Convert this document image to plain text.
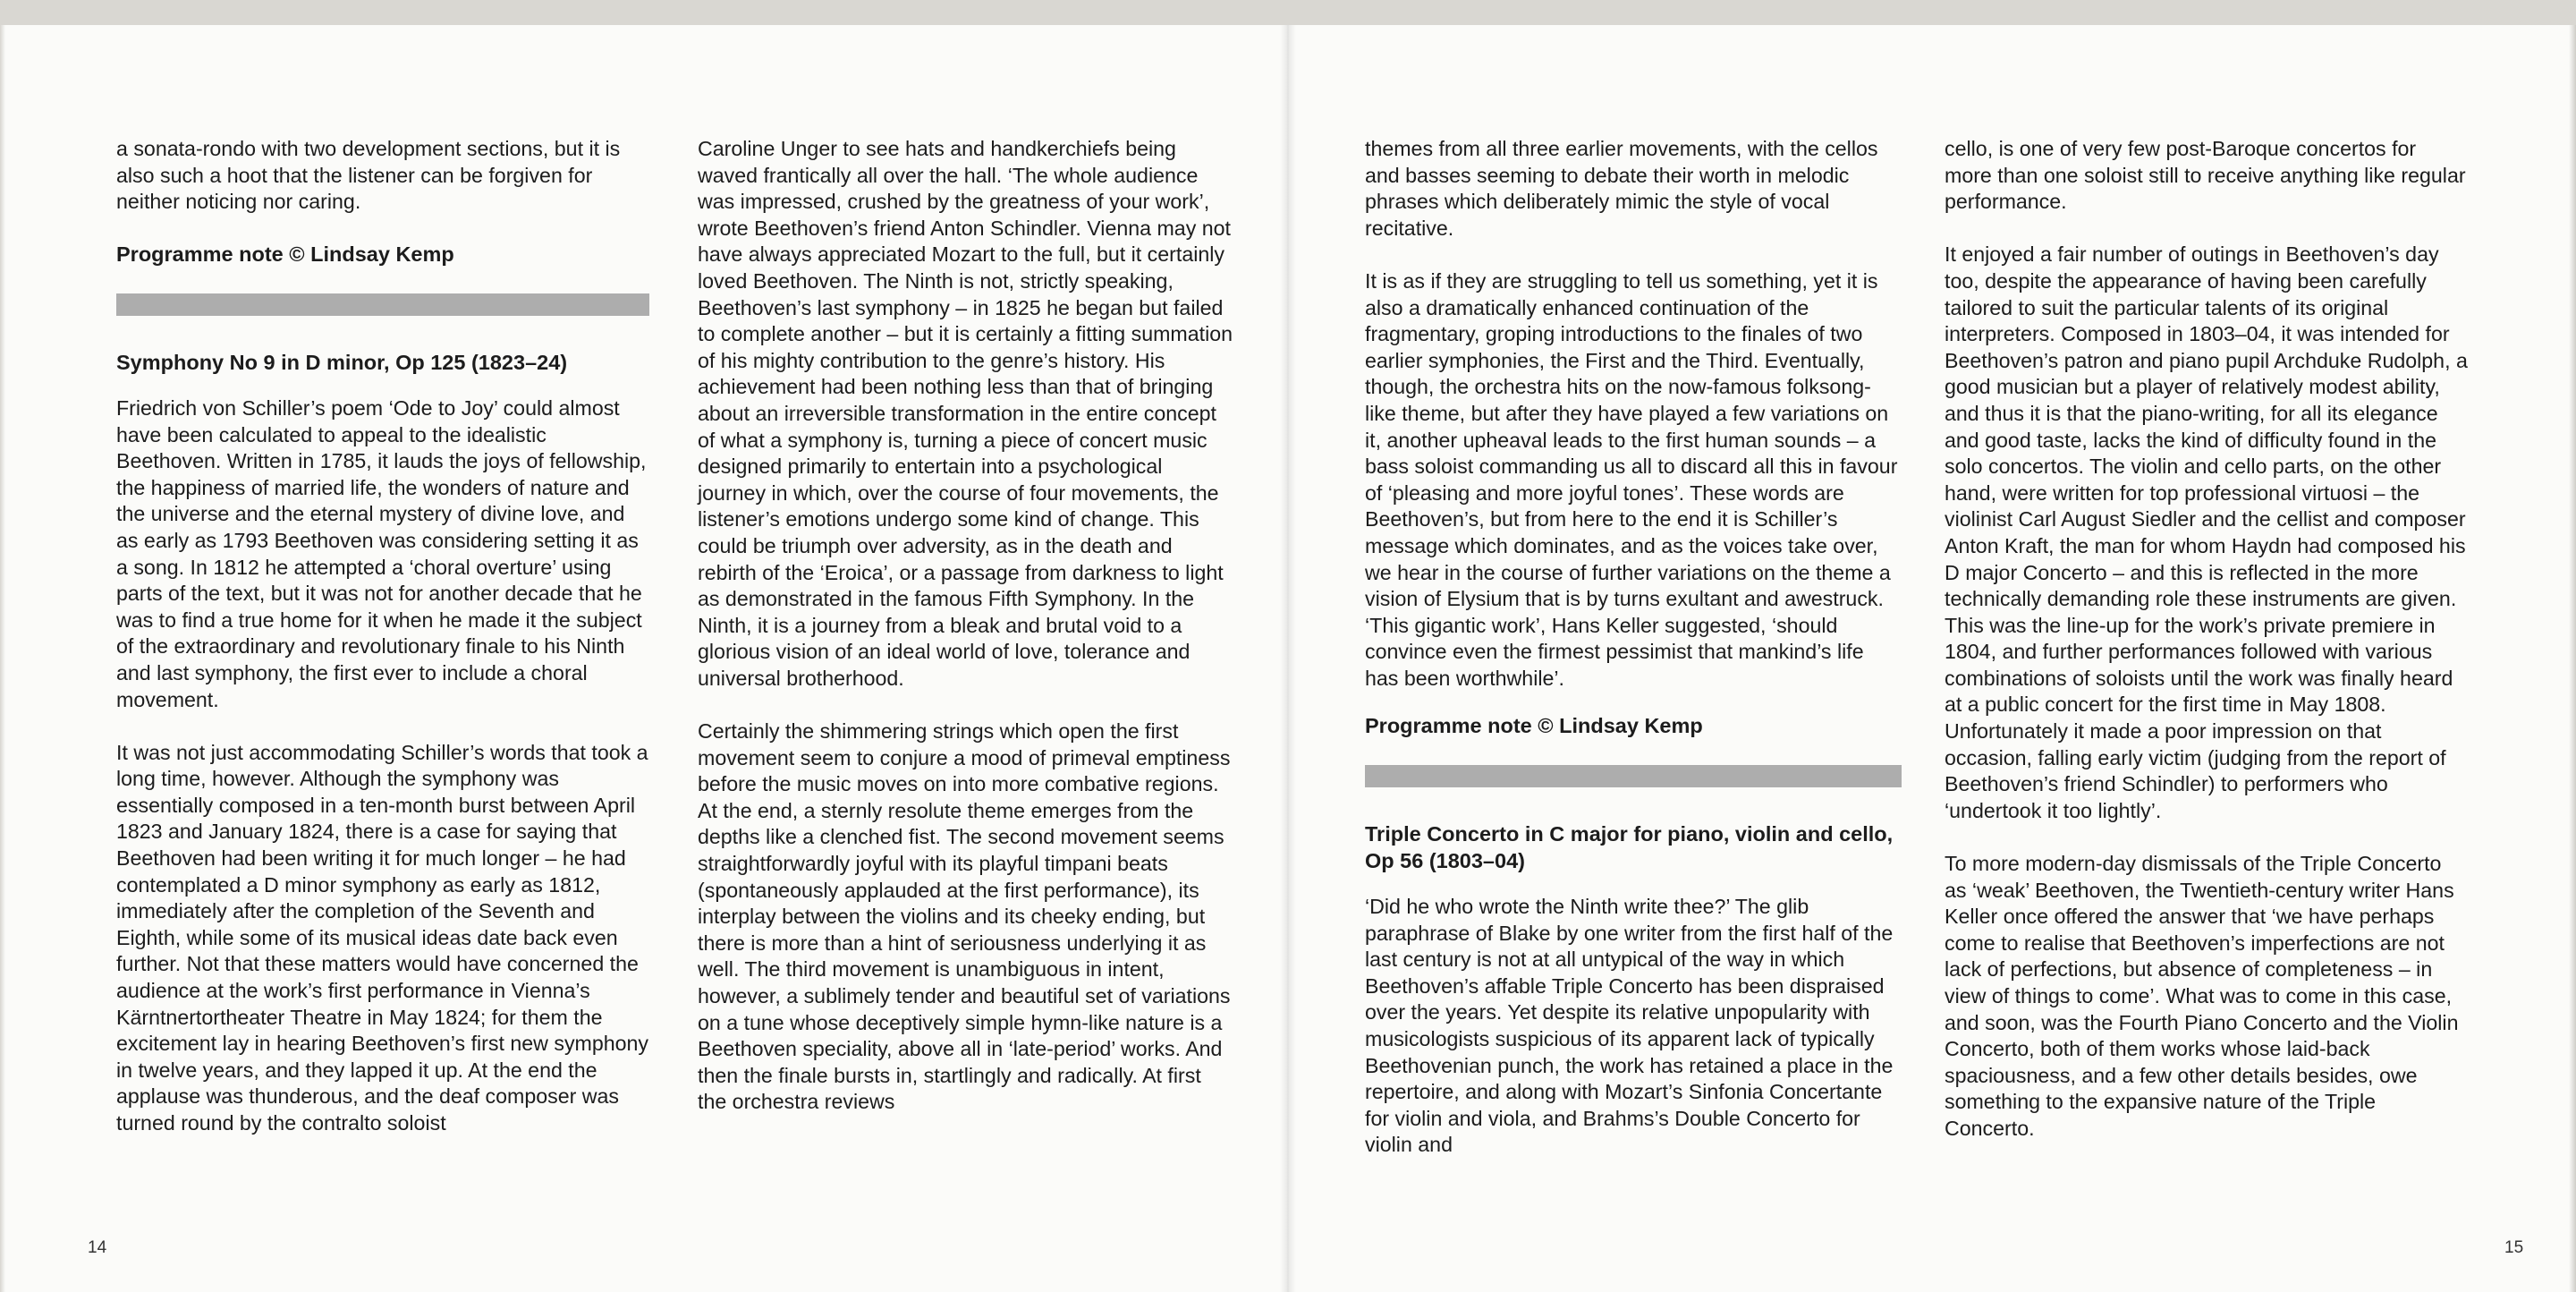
a sonata-rondo with two development sections, but it is also such a hoot that the listener can be forgiven for neither noticing nor caring.

Programme note © Lindsay Kemp
Symphony No 9 in D minor, Op 125 (1823–24)

Friedrich von Schiller’s poem ‘Ode to Joy’ could almost have been calculated to appeal to the idealistic Beethoven. Written in 1785, it lauds the joys of fellowship, the happiness of married life, the wonders of nature and the universe and the eternal mystery of divine love, and as early as 1793 Beethoven was considering setting it as a song. In 1812 he attempted a ‘choral overture’ using parts of the text, but it was not for another decade that he was to find a true home for it when he made it the subject of the extraordinary and revolutionary finale to his Ninth and last symphony, the first ever to include a choral movement.

It was not just accommodating Schiller’s words that took a long time, however. Although the symphony was essentially composed in a ten-month burst between April 1823 and January 1824, there is a case for saying that Beethoven had been writing it for much longer – he had contemplated a D minor symphony as early as 1812, immediately after the completion of the Seventh and Eighth, while some of its musical ideas date back even further. Not that these matters would have concerned the audience at the work’s first performance in Vienna’s Kärntnertortheater Theatre in May 1824; for them the excitement lay in hearing Beethoven’s first new symphony in twelve years, and they lapped it up. At the end the applause was thunderous, and the deaf composer was turned round by the contralto soloist

Caroline Unger to see hats and handkerchiefs being waved frantically all over the hall. ‘The whole audience was impressed, crushed by the greatness of your work’, wrote Beethoven’s friend Anton Schindler. Vienna may not have always appreciated Mozart to the full, but it certainly loved Beethoven. The Ninth is not, strictly speaking, Beethoven’s last symphony – in 1825 he began but failed to complete another – but it is certainly a fitting summation of his mighty contribution to the genre’s history. His achievement had been nothing less than that of bringing about an irreversible transformation in the entire concept of what a symphony is, turning a piece of concert music designed primarily to entertain into a psychological journey in which, over the course of four movements, the listener’s emotions undergo some kind of change. This could be triumph over adversity, as in the death and rebirth of the ‘Eroica’, or a passage from darkness to light as demonstrated in the famous Fifth Symphony. In the Ninth, it is a journey from a bleak and brutal void to a glorious vision of an ideal world of love, tolerance and universal brotherhood.

Certainly the shimmering strings which open the first movement seem to conjure a mood of primeval emptiness before the music moves on into more combative regions. At the end, a sternly resolute theme emerges from the depths like a clenched fist. The second movement seems straightforwardly joyful with its playful timpani beats (spontaneously applauded at the first performance), its interplay between the violins and its cheeky ending, but there is more than a hint of seriousness underlying it as well. The third movement is unambiguous in intent, however, a sublimely tender and beautiful set of variations on a tune whose deceptively simple hymn-like nature is a Beethoven speciality, above all in ‘late-period’ works. And then the finale bursts in, startlingly and radically. At first the orchestra reviews

14

themes from all three earlier movements, with the cellos and basses seeming to debate their worth in melodic phrases which deliberately mimic the style of vocal recitative.

It is as if they are struggling to tell us something, yet it is also a dramatically enhanced continuation of the fragmentary, groping introductions to the finales of two earlier symphonies, the First and the Third. Eventually, though, the orchestra hits on the now-famous folksong-like theme, but after they have played a few variations on it, another upheaval leads to the first human sounds – a bass soloist commanding us all to discard all this in favour of ‘pleasing and more joyful tones’. These words are Beethoven’s, but from here to the end it is Schiller’s message which dominates, and as the voices take over, we hear in the course of further variations on the theme a vision of Elysium that is by turns exultant and awestruck. ‘This gigantic work’, Hans Keller suggested, ‘should convince even the firmest pessimist that mankind’s life has been worthwhile’.

Programme note © Lindsay Kemp
Triple Concerto in C major for piano, violin and cello, Op 56 (1803–04)

‘Did he who wrote the Ninth write thee?’ The glib paraphrase of Blake by one writer from the first half of the last century is not at all untypical of the way in which Beethoven’s affable Triple Concerto has been dispraised over the years. Yet despite its relative unpopularity with musicologists suspicious of its apparent lack of typically Beethovenian punch, the work has retained a place in the repertoire, and along with Mozart’s Sinfonia Concertante for violin and viola, and Brahms’s Double Concerto for violin and

cello, is one of very few post-Baroque concertos for more than one soloist still to receive anything like regular performance.

It enjoyed a fair number of outings in Beethoven’s day too, despite the appearance of having been carefully tailored to suit the particular talents of its original interpreters. Composed in 1803–04, it was intended for Beethoven’s patron and piano pupil Archduke Rudolph, a good musician but a player of relatively modest ability, and thus it is that the piano-writing, for all its elegance and good taste, lacks the kind of difficulty found in the solo concertos. The violin and cello parts, on the other hand, were written for top professional virtuosi – the violinist Carl August Siedler and the cellist and composer Anton Kraft, the man for whom Haydn had composed his D major Concerto – and this is reflected in the more technically demanding role these instruments are given. This was the line-up for the work’s private premiere in 1804, and further performances followed with various combinations of soloists until the work was finally heard at a public concert for the first time in May 1808. Unfortunately it made a poor impression on that occasion, falling early victim (judging from the report of Beethoven’s friend Schindler) to performers who ‘undertook it too lightly’.

To more modern-day dismissals of the Triple Concerto as ‘weak’ Beethoven, the Twentieth-century writer Hans Keller once offered the answer that ‘we have perhaps come to realise that Beethoven’s imperfections are not lack of perfections, but absence of completeness – in view of things to come’. What was to come in this case, and soon, was the Fourth Piano Concerto and the Violin Concerto, both of them works whose laid-back spaciousness, and a few other details besides, owe something to the expansive nature of the Triple Concerto.

15
